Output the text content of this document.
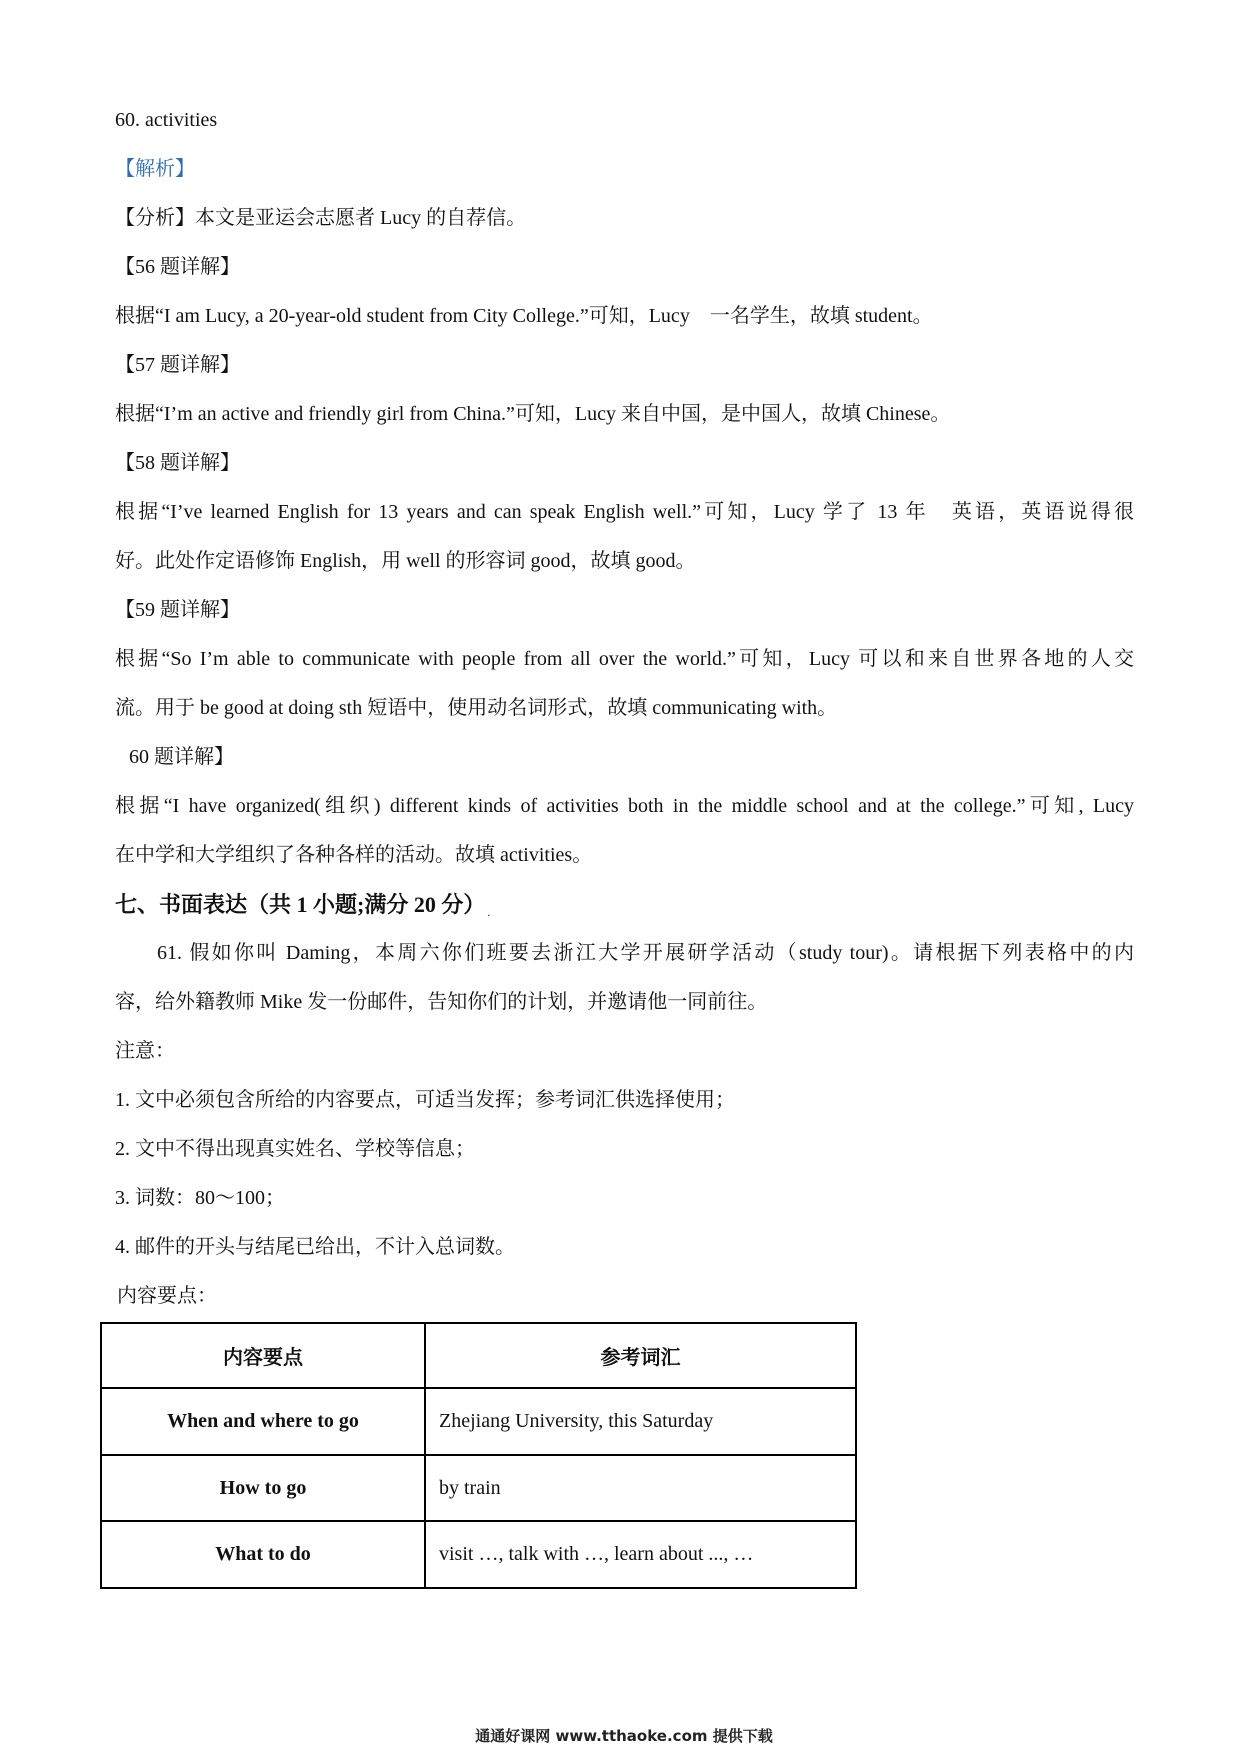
60. activities
【解析】
【分析】本文是亚运会志愿者 Lucy 的自荐信。
【56 题详解】
根据“I am Lucy, a 20-year-old student from City College.”可知，Lucy　一名学生，故填 student。
【57 题详解】
根据“I’m an active and friendly girl from China.”可知，Lucy 来自中国，是中国人，故填 Chinese。
【58 题详解】
根据“I’ve learned English for 13 years and can speak English well.”可知，Lucy 学了 13 年　英语，英语说得很
好。此处作定语修饰 English，用 well 的形容词 good，故填 good。
【59 题详解】
根据“So I’m able to communicate with people from all over the world.”可知，Lucy 可以和来自世界各地的人交
流。用于 be good at doing sth 短语中，使用动名词形式，故填 communicating with。
60 题详解】
根据“I have organized(组织) different kinds of activities both in the middle school and at the college.”可知, Lucy
在中学和大学组织了各种各样的活动。故填 activities。
七、书面表达（共 1 小题;满分 20 分） .
61. 假如你叫 Daming，本周六你们班要去浙江大学开展研学活动（study tour)。请根据下列表格中的内
容，给外籍教师 Mike 发一份邮件，告知你们的计划，并邀请他一同前往。
注意：
1. 文中必须包含所给的内容要点，可适当发挥；参考词汇供选择使用；
2. 文中不得出现真实姓名、学校等信息；
3. 词数：80～100；
4. 邮件的开头与结尾已给出，不计入总词数。
内容要点：
内容要点	参考词汇
When and where to go	Zhejiang University, this Saturday
How to go	by train
What to do	visit …, talk with …, learn about ..., …
通通好课网 www.tthaoke.com 提供下载
